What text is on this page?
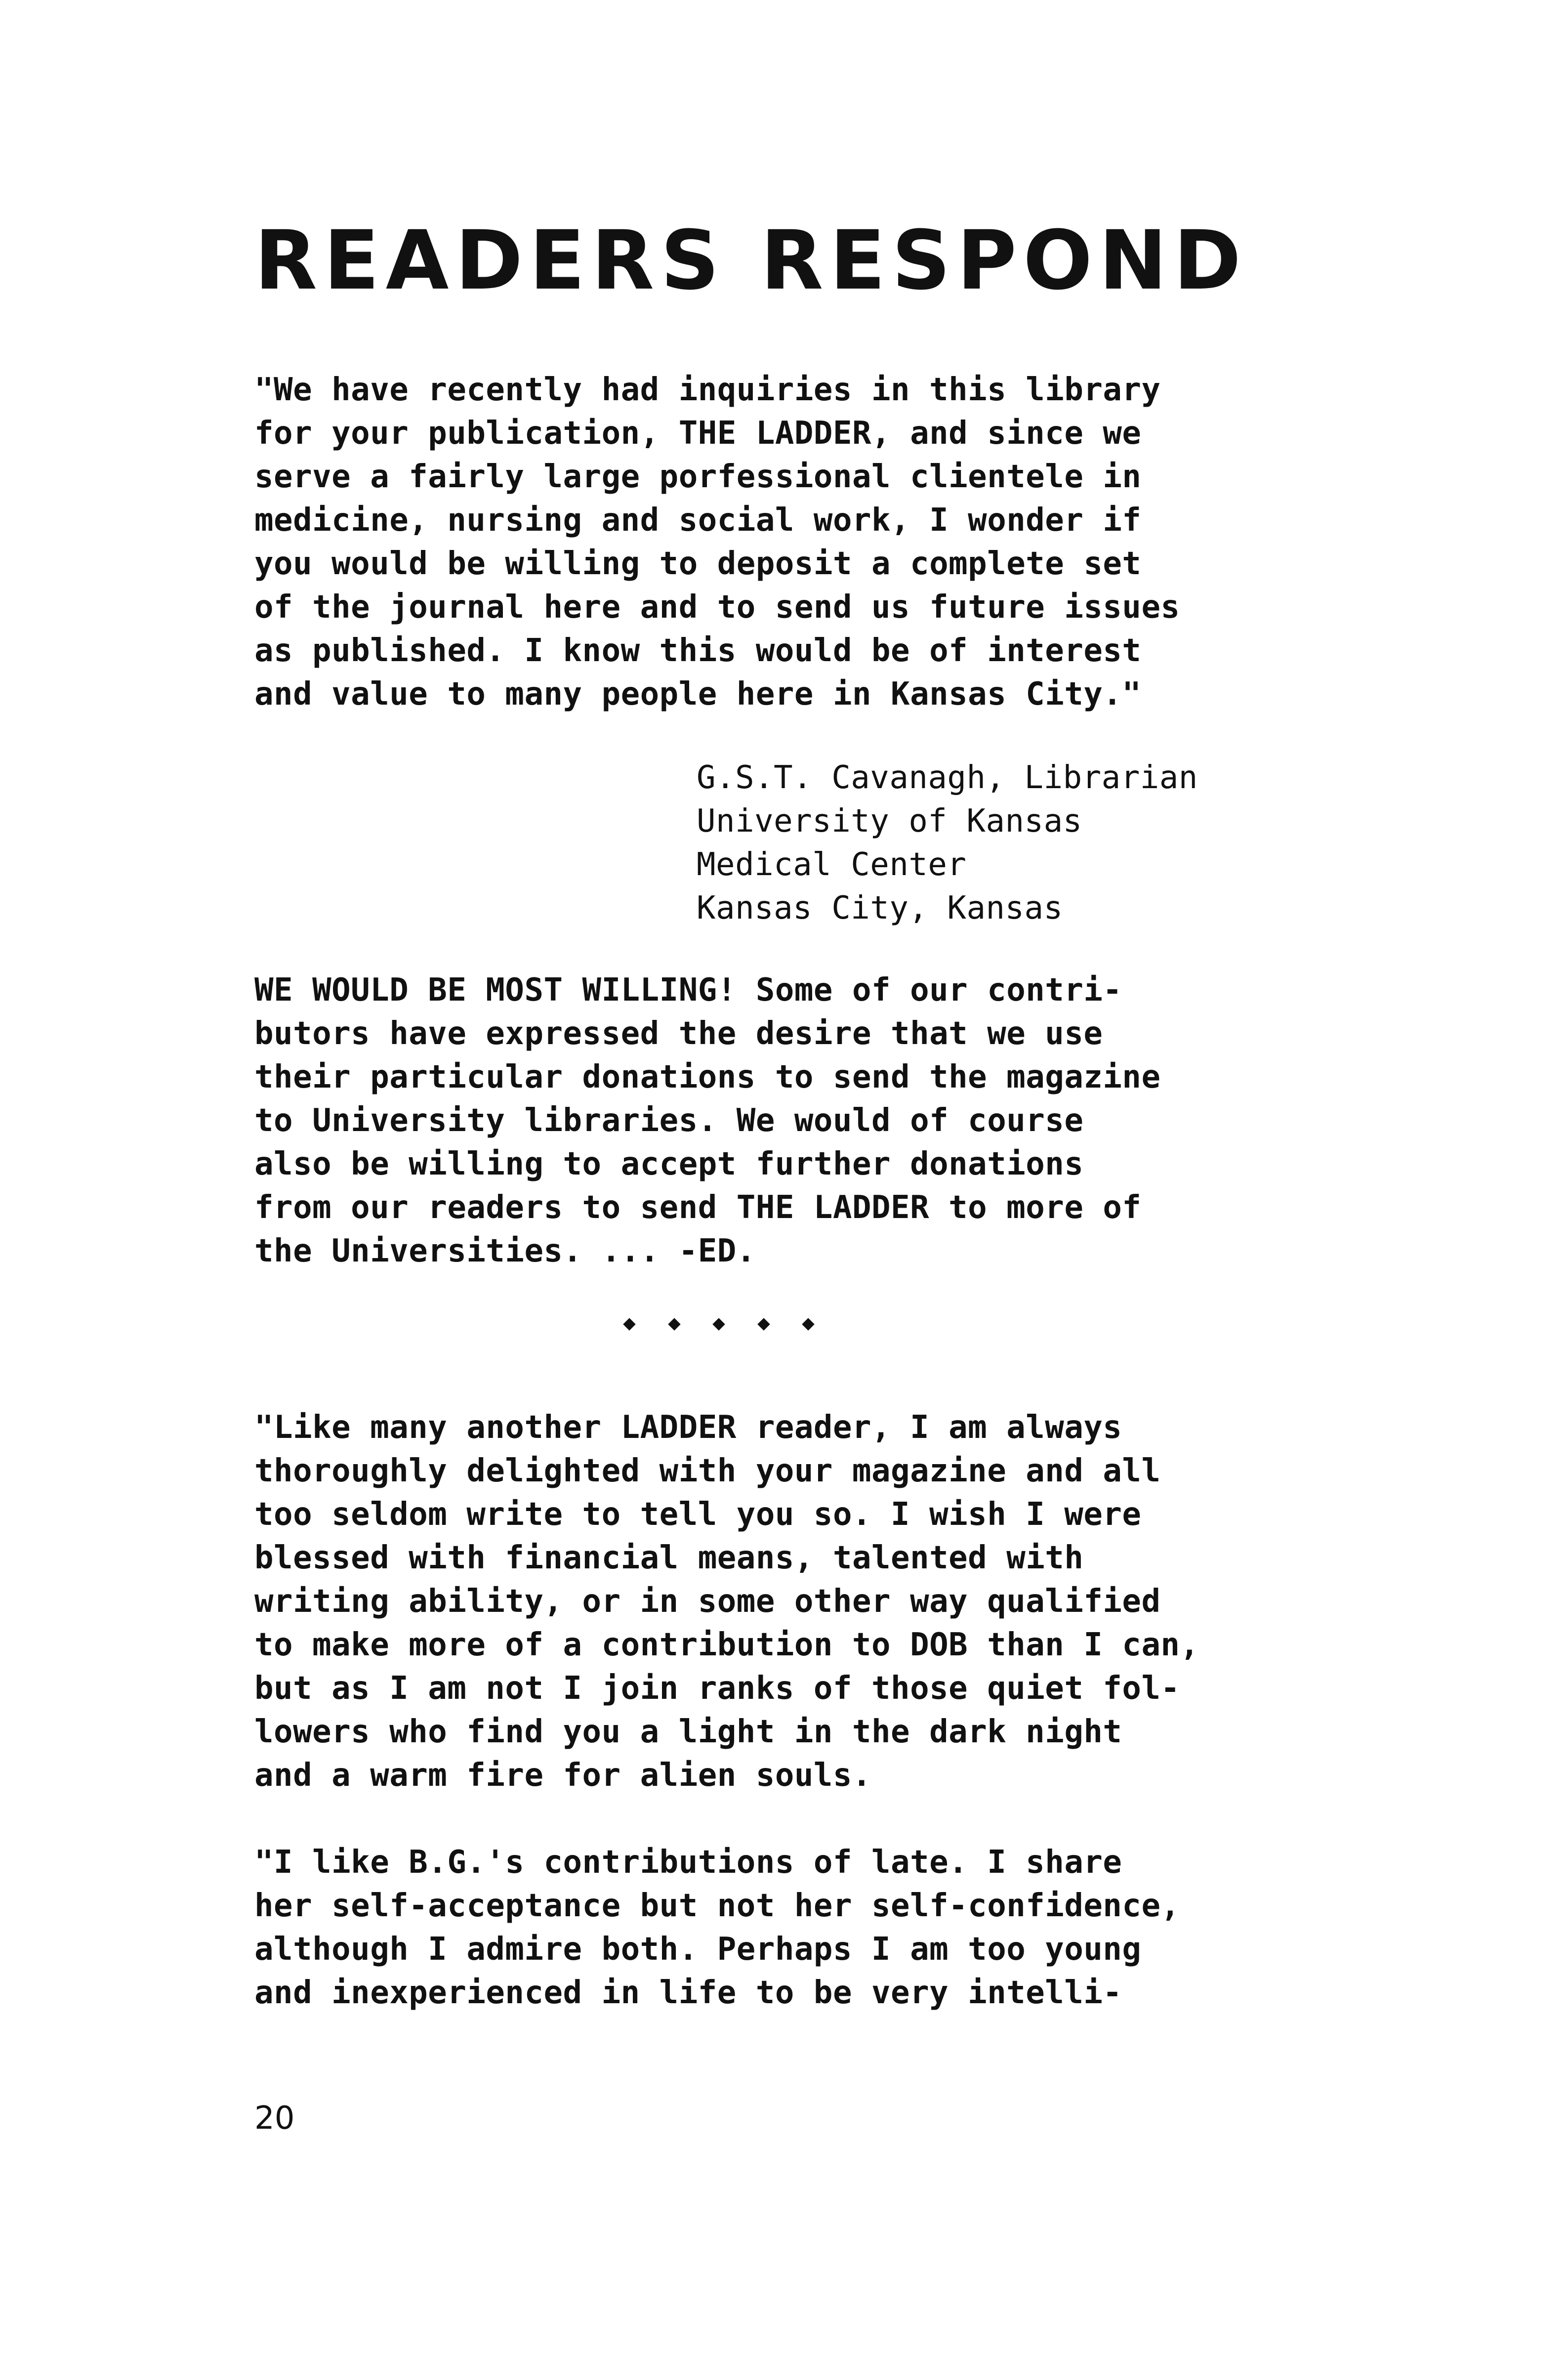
READERS RESPOND
"We have recently had inquiries in this library
for your publication, THE LADDER, and since we
serve a fairly large porfessional clientele in
medicine, nursing and social work, I wonder if
you would be willing to deposit a complete set
of the journal here and to send us future issues
as published. I know this would be of interest
and value to many people here in Kansas City."
G.S.T. Cavanagh, Librarian
University of Kansas
Medical Center
Kansas City, Kansas
WE WOULD BE MOST WILLING! Some of our contri-
butors have expressed the desire that we use
their particular donations to send the magazine
to University libraries. We would of course
also be willing to accept further donations
from our readers to send THE LADDER to more of
the Universities. ... -ED.
"Like many another LADDER reader, I am always
thoroughly delighted with your magazine and all
too seldom write to tell you so. I wish I were
blessed with financial means, talented with
writing ability, or in some other way qualified
to make more of a contribution to DOB than I can,
but as I am not I join ranks of those quiet fol-
lowers who find you a light in the dark night
and a warm fire for alien souls.
"I like B.G.'s contributions of late. I share
her self-acceptance but not her self-confidence,
although I admire both. Perhaps I am too young
and inexperienced in life to be very intelli-
20
